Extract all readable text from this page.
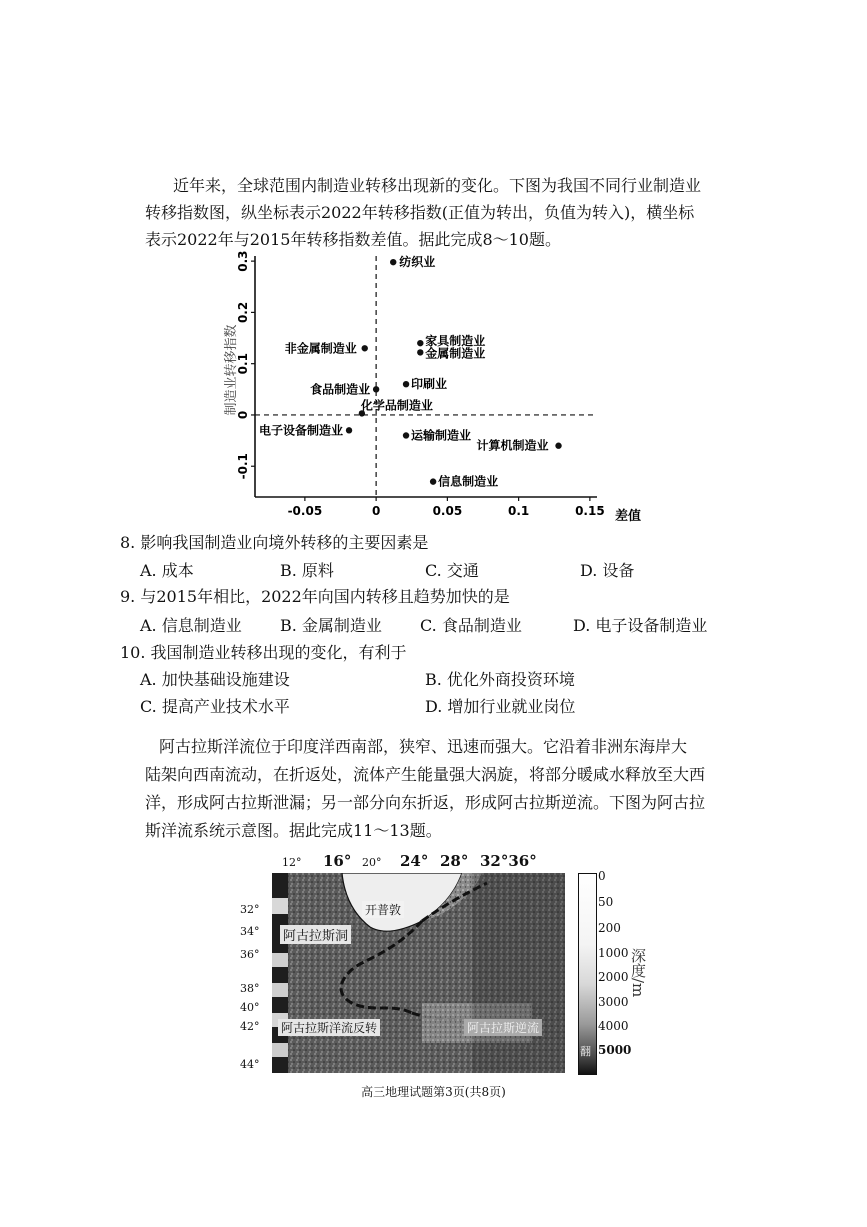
近年来，全球范围内制造业转移出现新的变化。下图为我国不同行业制造业
转移指数图，纵坐标表示2022年转移指数(正值为转出，负值为转入)，横坐标
表示2022年与2015年转移指数差值。据此完成8～10题。
-0.05	0	0.05	0.1	0.15
-0.1
0
0.1
0.2
0.3	纺织业
非金属制造业
家具制造业
金属制造业
食品制造业	印刷业
化学品制造业
电子设备制造业	运输制造业
计算机制造业
信息制造业
制造业转移指数
差值
8. 影响我国制造业向境外转移的主要因素是
A. 成本	B. 原料	C. 交通	D. 设备
9. 与2015年相比，2022年向国内转移且趋势加快的是
A. 信息制造业 B. 金属制造业 C. 食品制造业	D. 电子设备制造业
10. 我国制造业转移出现的变化，有利于
A. 加快基础设施建设	B. 优化外商投资环境
C. 提高产业技术水平	D. 增加行业就业岗位
阿古拉斯洋流位于印度洋西南部，狭窄、迅速而强大。它沿着非洲东海岸大
陆架向西南流动，在折返处，流体产生能量强大涡旋，将部分暖咸水释放至大西
洋，形成阿古拉斯泄漏；另一部分向东折返，形成阿古拉斯逆流。下图为阿古拉
斯洋流系统示意图。据此完成11～13题。
12° 16° 20° 24° 28° 32°36°
32°
34°
36°
38°
40°
42°
44°
开普敦
阿古拉斯洞
阿古拉斯洋流反转	阿古拉斯逆流
翻
0
50
200
1000
2000
3000
4000
5000
深度/m
高三地理试题第3页(共8页)
